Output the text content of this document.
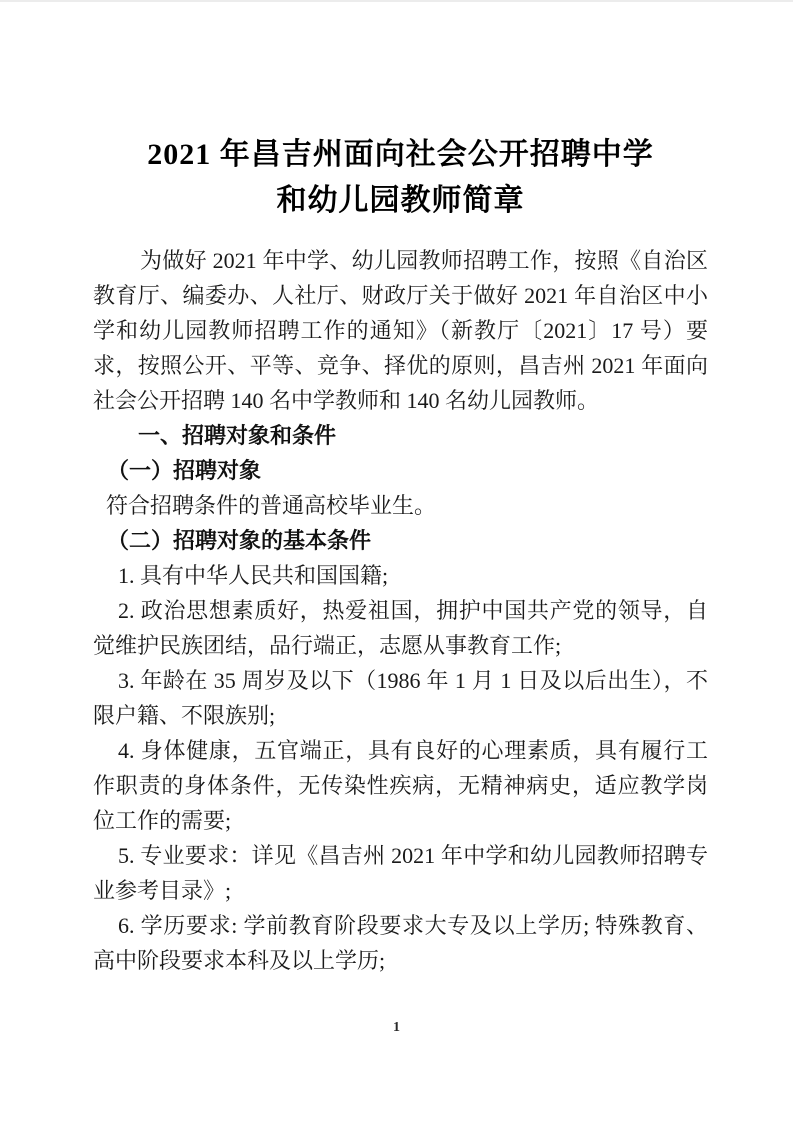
2021 年昌吉州面向社会公开招聘中学
和幼儿园教师简章

为做好 2021 年中学、幼儿园教师招聘工作，按照《自治区教育厅、编委办、人社厅、财政厅关于做好 2021 年自治区中小学和幼儿园教师招聘工作的通知》（新教厅〔2021〕17 号）要求，按照公开、平等、竞争、择优的原则，昌吉州 2021 年面向社会公开招聘 140 名中学教师和 140 名幼儿园教师。

一、招聘对象和条件

（一）招聘对象

符合招聘条件的普通高校毕业生。

（二）招聘对象的基本条件

1. 具有中华人民共和国国籍;

2. 政治思想素质好，热爱祖国，拥护中国共产党的领导，自觉维护民族团结，品行端正，志愿从事教育工作;

3. 年龄在 35 周岁及以下（1986 年 1 月 1 日及以后出生），不限户籍、不限族别;

4. 身体健康，五官端正，具有良好的心理素质，具有履行工作职责的身体条件，无传染性疾病，无精神病史，适应教学岗位工作的需要;

5. 专业要求：详见《昌吉州 2021 年中学和幼儿园教师招聘专业参考目录》;

6. 学历要求: 学前教育阶段要求大专及以上学历; 特殊教育、高中阶段要求本科及以上学历;

1
